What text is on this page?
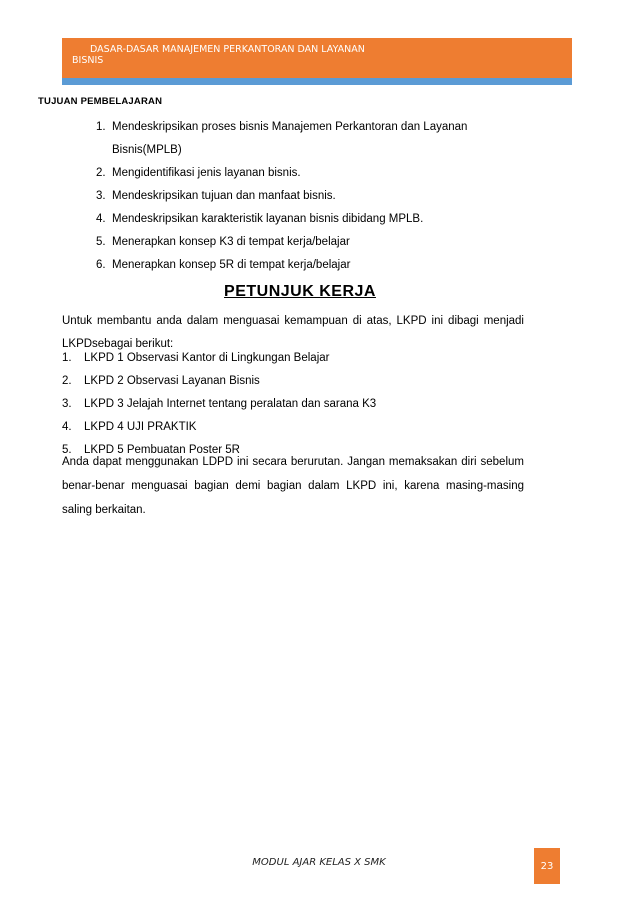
DASAR-DASAR MANAJEMEN PERKANTORAN DAN LAYANAN
BISNIS
TUJUAN PEMBELAJARAN
1. Mendeskripsikan proses bisnis Manajemen Perkantoran dan Layanan
Bisnis(MPLB)
2. Mengidentifikasi jenis layanan bisnis.
3. Mendeskripsikan tujuan dan manfaat bisnis.
4. Mendeskripsikan karakteristik layanan bisnis dibidang MPLB.
5. Menerapkan konsep K3 di tempat kerja/belajar
6. Menerapkan konsep 5R di tempat kerja/belajar
PETUNJUK KERJA

Untuk membantu anda dalam menguasai kemampuan di atas, LKPD ini dibagi menjadi LKPDsebagai berikut:

1. LKPD 1 Observasi Kantor di Lingkungan Belajar
2. LKPD 2 Observasi Layanan Bisnis
3. LKPD 3 Jelajah Internet tentang peralatan dan sarana K3
4. LKPD 4 UJI PRAKTIK
5. LKPD 5 Pembuatan Poster 5R

Anda dapat menggunakan LDPD ini secara berurutan. Jangan memaksakan diri sebelum benar-benar menguasai bagian demi bagian dalam LKPD ini, karena masing-masing saling berkaitan.

MODUL AJAR KELAS X SMK	23
